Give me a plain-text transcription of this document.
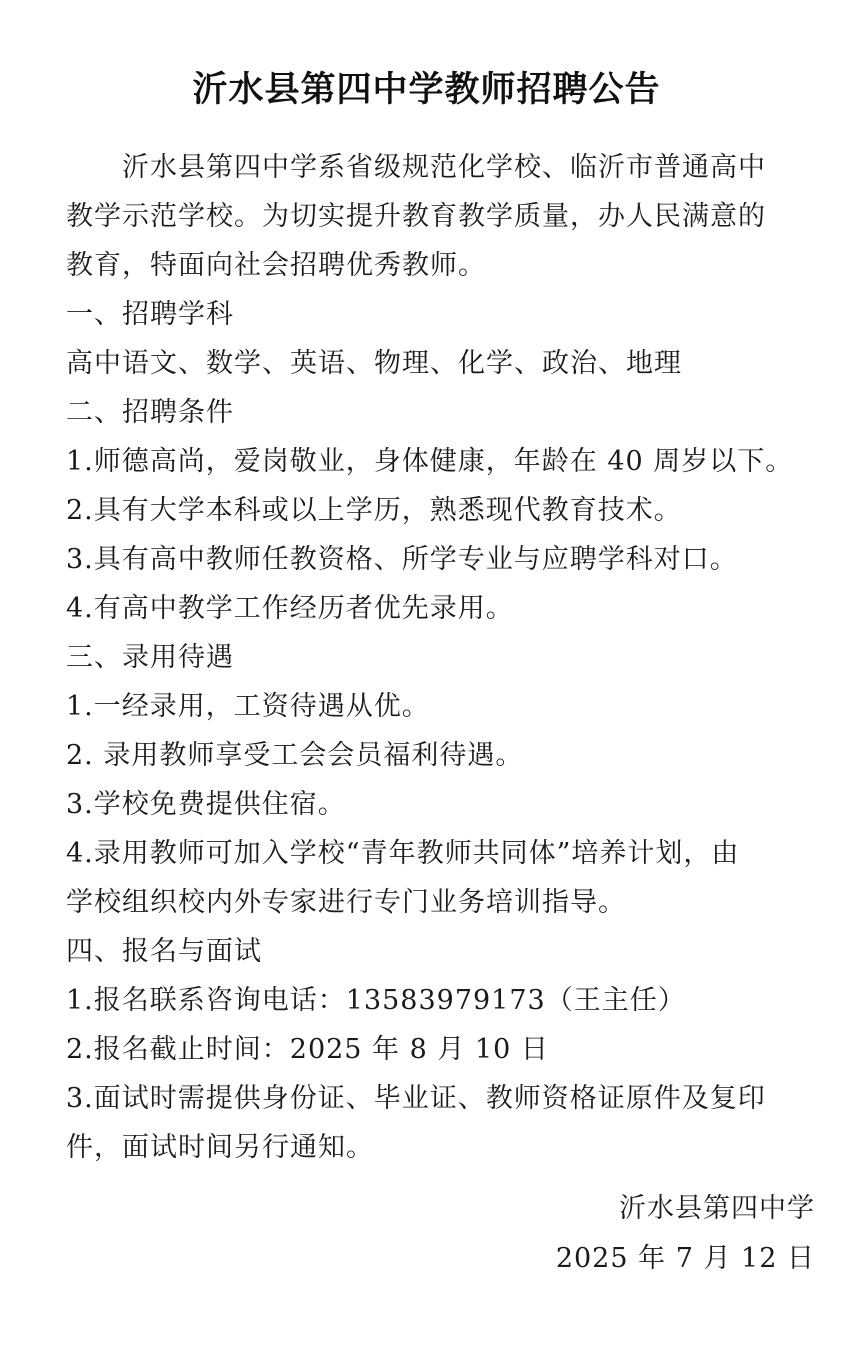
沂水县第四中学教师招聘公告
沂水县第四中学系省级规范化学校、临沂市普通高中
教学示范学校。为切实提升教育教学质量，办人民满意的
教育，特面向社会招聘优秀教师。
一、招聘学科
高中语文、数学、英语、物理、化学、政治、地理
二、招聘条件
1.师德高尚，爱岗敬业，身体健康，年龄在 40 周岁以下。
2.具有大学本科或以上学历，熟悉现代教育技术。
3.具有高中教师任教资格、所学专业与应聘学科对口。
4.有高中教学工作经历者优先录用。
三、录用待遇
1.一经录用，工资待遇从优。
2. 录用教师享受工会会员福利待遇。
3.学校免费提供住宿。
4.录用教师可加入学校“青年教师共同体”培养计划，由
学校组织校内外专家进行专门业务培训指导。
四、报名与面试
1.报名联系咨询电话：13583979173（王主任）
2.报名截止时间：2025 年 8 月 10 日
3.面试时需提供身份证、毕业证、教师资格证原件及复印
件，面试时间另行通知。
沂水县第四中学
2025 年 7 月 12 日
